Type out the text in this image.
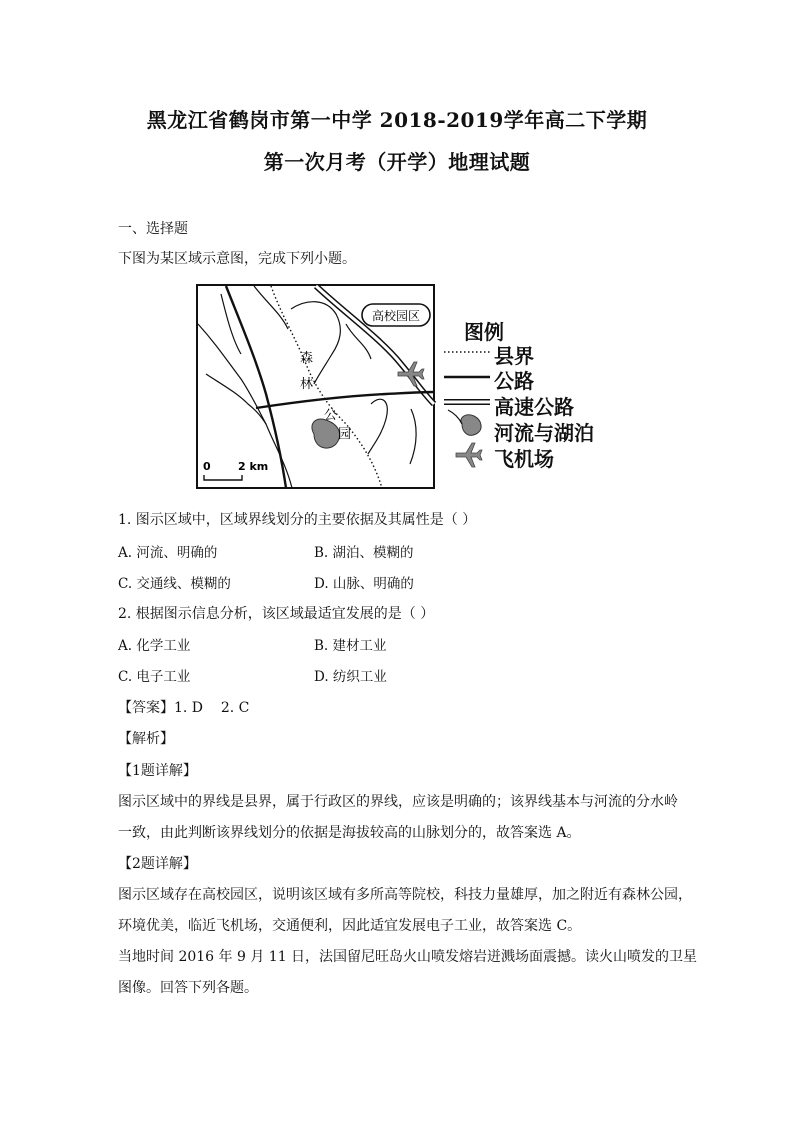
黑龙江省鹤岗市第一中学 2018-2019学年高二下学期
第一次月考（开学）地理试题
一、选择题
下图为某区域示意图，完成下列小题。
高校园区
森
林
公
园
0 2 km
图例
县界
公路
高速公路
河流与湖泊
飞机场
1. 图示区域中，区域界线划分的主要依据及其属性是（ ）
A. 河流、明确的	B. 湖泊、模糊的
C. 交通线、模糊的	D. 山脉、明确的
2. 根据图示信息分析，该区域最适宜发展的是（ ）
A. 化学工业	B. 建材工业
C. 电子工业	D. 纺织工业
【答案】1. D    2. C
【解析】
【1题详解】
图示区域中的界线是县界，属于行政区的界线，应该是明确的；该界线基本与河流的分水岭
一致，由此判断该界线划分的依据是海拔较高的山脉划分的，故答案选 A。
【2题详解】
图示区域存在高校园区，说明该区域有多所高等院校，科技力量雄厚，加之附近有森林公园，
环境优美，临近飞机场，交通便利，因此适宜发展电子工业，故答案选 C。
当地时间 2016 年 9 月 11 日，法国留尼旺岛火山喷发熔岩迸溅场面震撼。读火山喷发的卫星
图像。回答下列各题。
